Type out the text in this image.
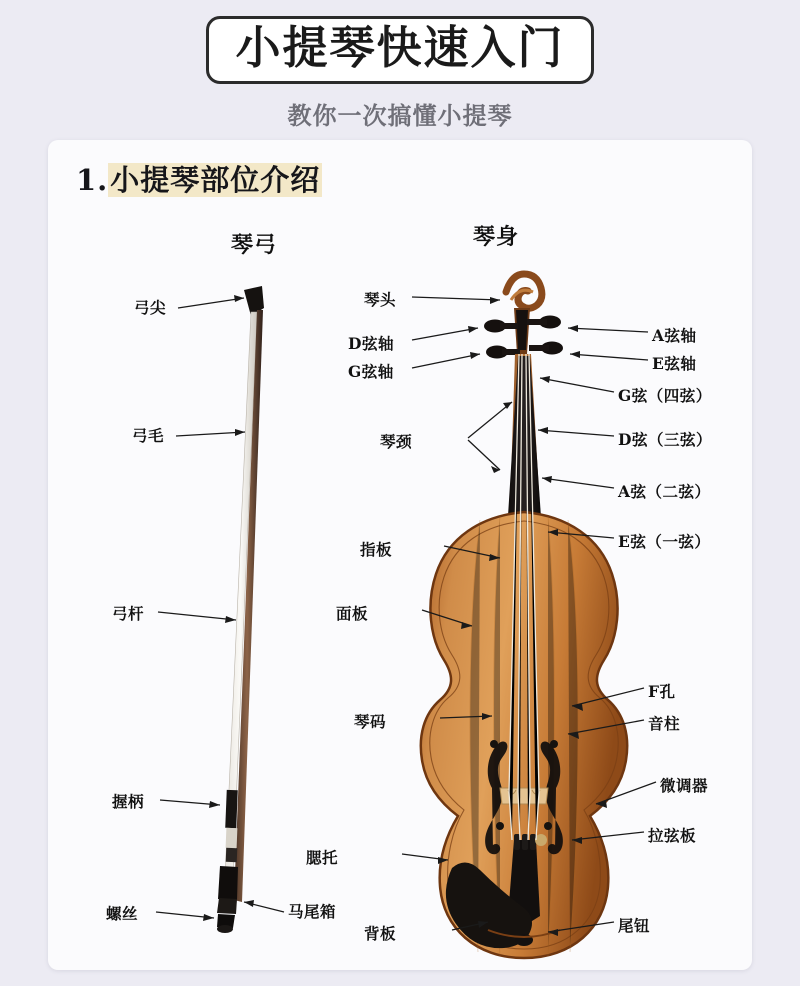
小提琴快速入门
教你一次搞懂小提琴
1.小提琴部位介绍
琴弓	琴身
弓尖
弓毛
弓杆
握柄
螺丝	马尾箱
琴头
D弦轴
G弦轴
琴颈
指板
面板
琴码
腮托
背板
A弦轴
E弦轴
G弦（四弦）
D弦（三弦）
A弦（二弦）
E弦（一弦）
F孔
音柱
微调器
拉弦板
尾钮
